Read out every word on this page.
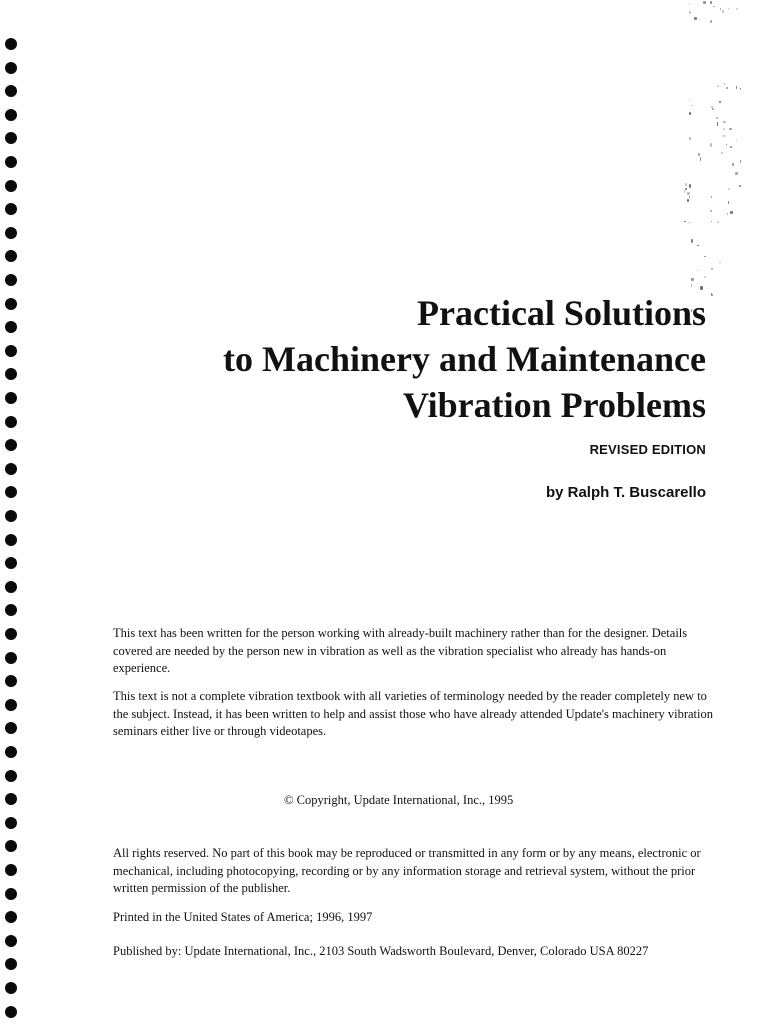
Practical Solutions
to Machinery and Maintenance
Vibration Problems
REVISED EDITION
by Ralph T. Buscarello

This text has been written for the person working with already-built machinery rather than for the designer. Details covered are needed by the person new in vibration as well as the vibration specialist who already has hands-on experience.

This text is not a complete vibration textbook with all varieties of terminology needed by the reader completely new to the subject. Instead, it has been written to help and assist those who have already attended Update's machinery vibration seminars either live or through videotapes.

© Copyright, Update International, Inc., 1995

All rights reserved. No part of this book may be reproduced or transmitted in any form or by any means, electronic or mechanical, including photocopying, recording or by any information storage and retrieval system, without the prior written permission of the publisher.

Printed in the United States of America; 1996, 1997
Published by: Update International, Inc., 2103 South Wadsworth Boulevard, Denver, Colorado USA 80227
